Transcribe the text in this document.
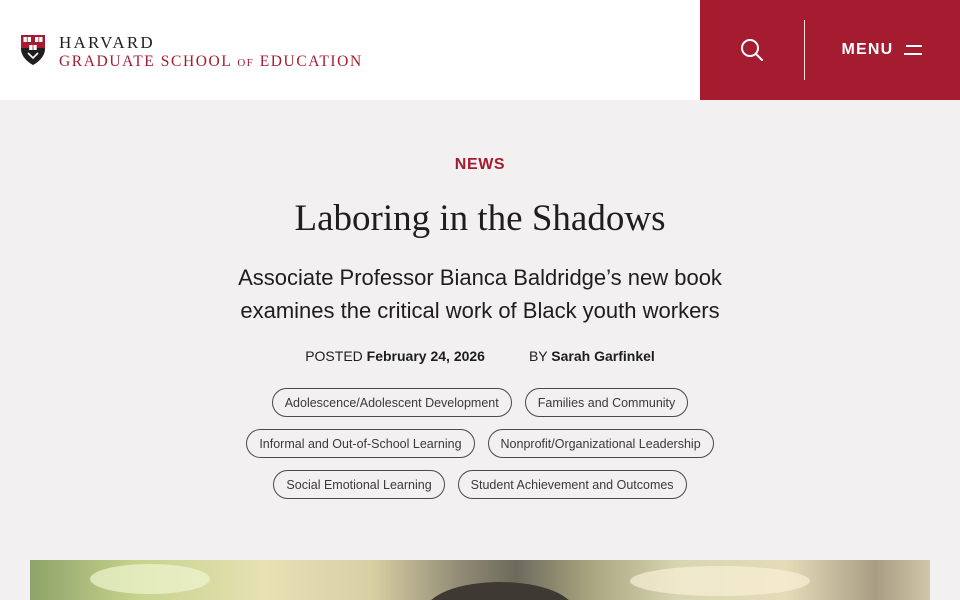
HARVARD
GRADUATE SCHOOL OF EDUCATION
MENU
NEWS
Laboring in the Shadows

Associate Professor Bianca Baldridge’s new book examines the critical work of Black youth workers

POSTED February 24, 2026	BY Sarah Garfinkel
Adolescence/Adolescent Development	Families and Community
Informal and Out-of-School Learning	Nonprofit/Organizational Leadership
Social Emotional Learning	Student Achievement and Outcomes
